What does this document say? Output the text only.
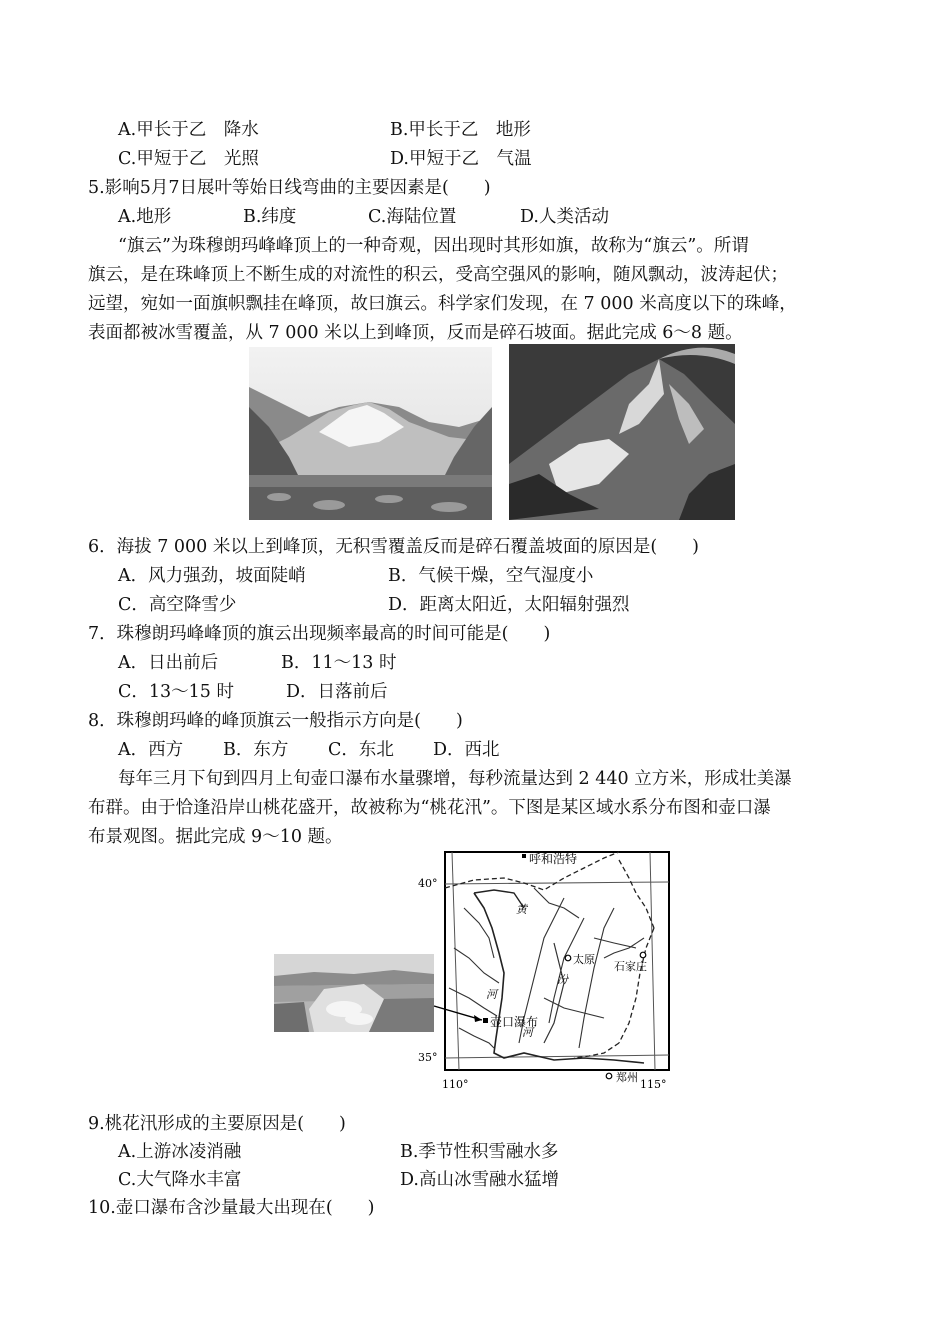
A.甲长于乙　降水	B.甲长于乙　地形
C.甲短于乙　光照	D.甲短于乙　气温
5.影响5月7日展叶等始日线弯曲的主要因素是(　　)
A.地形	B.纬度	C.海陆位置	D.人类活动
“旗云”为珠穆朗玛峰峰顶上的一种奇观，因出现时其形如旗，故称为“旗云”。所谓
旗云，是在珠峰顶上不断生成的对流性的积云，受高空强风的影响，随风飘动，波涛起伏；
远望，宛如一面旗帜飘挂在峰顶，故曰旗云。科学家们发现，在 7 000 米高度以下的珠峰，
表面都被冰雪覆盖，从 7 000 米以上到峰顶，反而是碎石坡面。据此完成 6～8 题。
6．海拔 7 000 米以上到峰顶，无积雪覆盖反而是碎石覆盖坡面的原因是(　　)
A．风力强劲，坡面陡峭	B．气候干燥，空气湿度小
C．高空降雪少	D．距离太阳近，太阳辐射强烈
7．珠穆朗玛峰峰顶的旗云出现频率最高的时间可能是(　　)
A．日出前后	B．11～13 时
C．13～15 时	D．日落前后
8．珠穆朗玛峰的峰顶旗云一般指示方向是(　　)
A．西方 B．东方 C．东北 D．西北
每年三月下旬到四月上旬壶口瀑布水量骤增，每秒流量达到 2 440 立方米，形成壮美瀑
布群。由于恰逢沿岸山桃花盛开，故被称为“桃花汛”。下图是某区域水系分布图和壶口瀑
布景观图。据此完成 9～10 题。
呼和浩特
太原
石家庄
郑州
壶口瀑布
黄
河
汾
河
40°
35°
110°	115°
9.桃花汛形成的主要原因是(　　)
A.上游冰凌消融	B.季节性积雪融水多
C.大气降水丰富	D.高山冰雪融水猛增
10.壶口瀑布含沙量最大出现在(　　)
